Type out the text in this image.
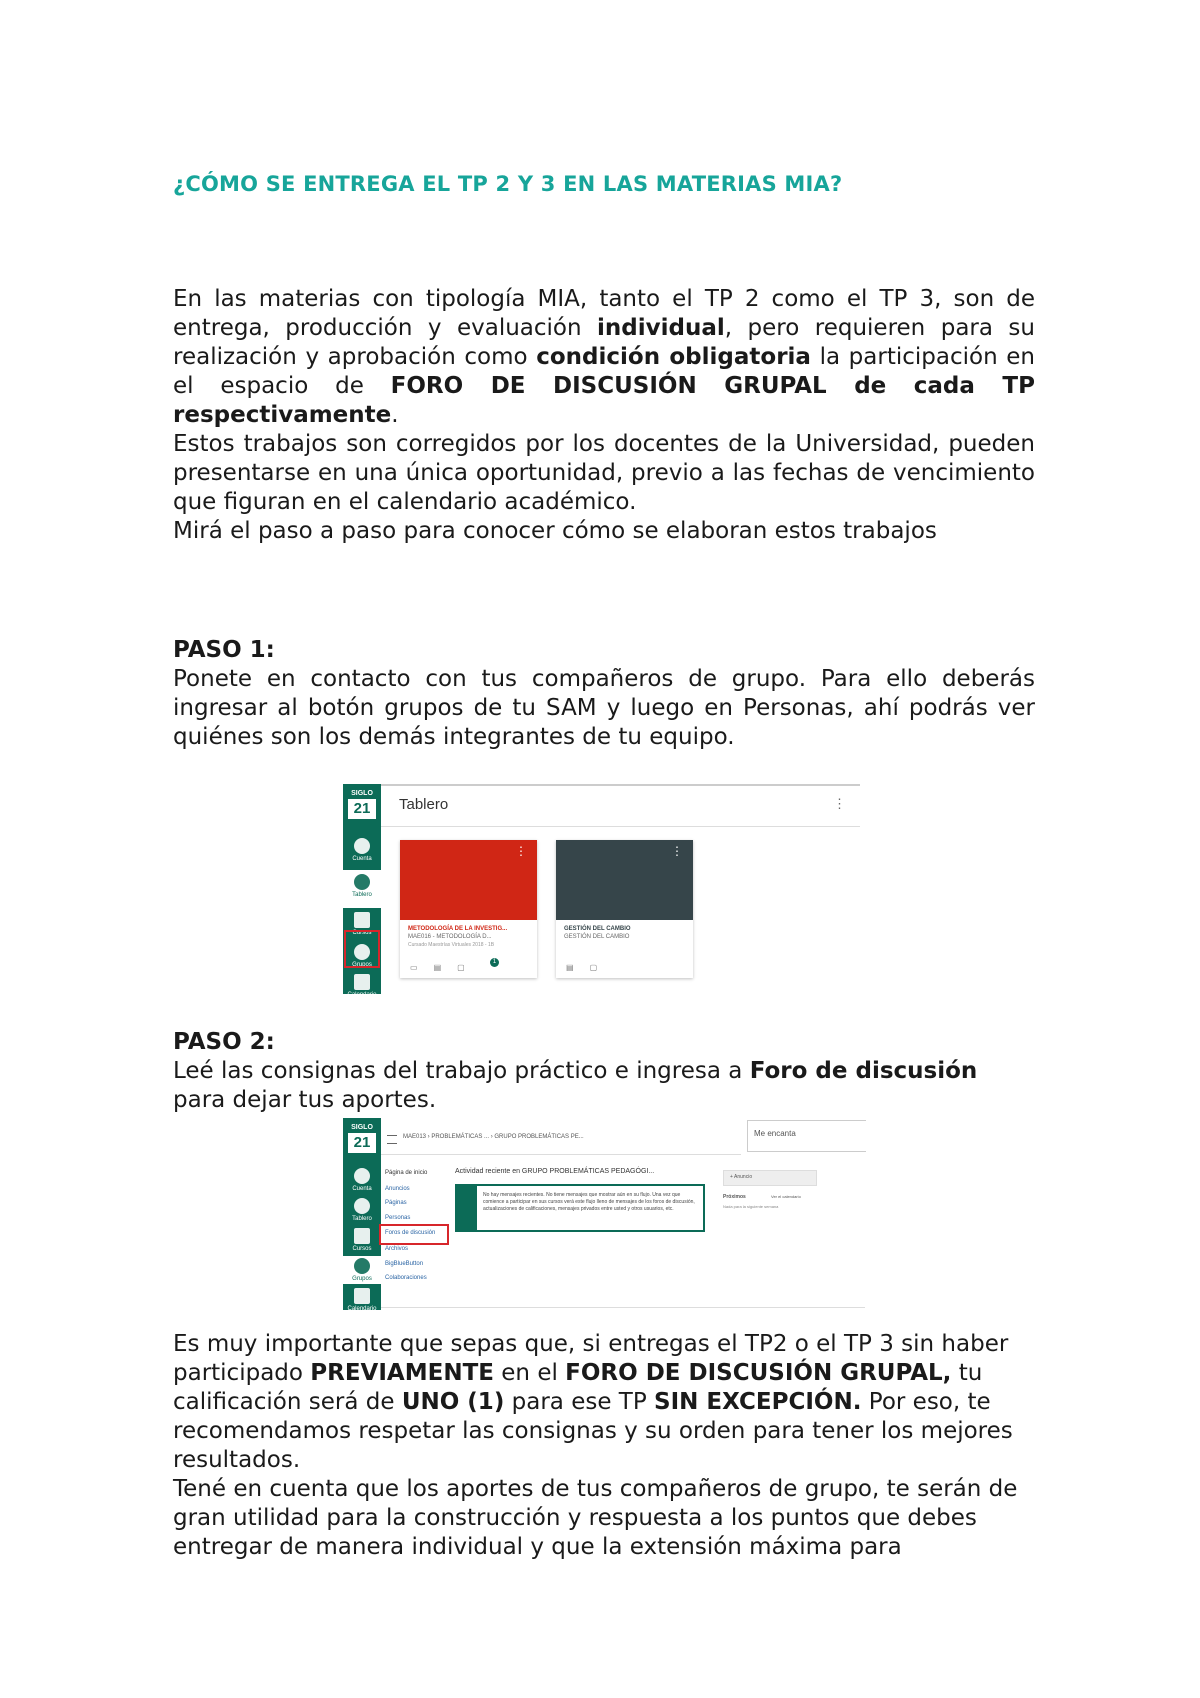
¿CÓMO SE ENTREGA EL TP 2 Y 3 EN LAS MATERIAS MIA?

En las materias con tipología MIA, tanto el TP 2 como el TP 3, son de entrega, producción y evaluación individual, pero requieren para su realización y aprobación como condición obligatoria la participación en el espacio de FORO DE DISCUSIÓN GRUPAL de cada TP respectivamente.

Estos trabajos son corregidos por los docentes de la Universidad, pueden presentarse en una única oportunidad, previo a las fechas de vencimiento que figuran en el calendario académico.

Mirá el paso a paso para conocer cómo se elaboran estos trabajos

PASO 1:

Ponete en contacto con tus compañeros de grupo. Para ello deberás ingresar al botón grupos de tu SAM y luego en Personas, ahí podrás ver quiénes son los demás integrantes de tu equipo.

PASO 2:

Leé las consignas del trabajo práctico e ingresa a Foro de discusión para dejar tus aportes.

Es muy importante que sepas que, si entregas el TP2 o el TP 3 sin haber participado PREVIAMENTE en el FORO DE DISCUSIÓN GRUPAL, tu calificación será de UNO (1) para ese TP SIN EXCEPCIÓN. Por eso, te recomendamos respetar las consignas y su orden para tener los mejores resultados.

Tené en cuenta que los aportes de tus compañeros de grupo, te serán de gran utilidad para la construcción y respuesta a los puntos que debes entregar de manera individual y que la extensión máxima para

SIGLO
21
Cuenta
Tablero
Cursos
Grupos
Calendario
Tablero	⋮
⋮
METODOLOGÍA DE LA INVESTIG...
MAE016 - METODOLOGÍA D...
Cursado Maestrías Virtuales 2018 - 1B
1
▭▤▢
⋮
GESTIÓN DEL CAMBIO
GESTIÓN DEL CAMBIO
▤▢
SIGLO
21
Cuenta
Tablero
Cursos
Grupos
Calendario
MAE013 › PROBLEMÁTICAS ... › GRUPO PROBLEMÁTICAS PE...	Me encanta
Página de inicio
Anuncios
Páginas
Personas
Foros de discusión
Archivos
BigBlueButton
Colaboraciones
Actividad reciente en GRUPO PROBLEMÁTICAS PEDAGÓGI...
No hay mensajes recientes. No tiene mensajes que mostrar aún en su flujo. Una vez que comience a participar en sus cursos verá este flujo lleno de mensajes de los foros de discusión, actualizaciones de calificaciones, mensajes privados entre usted y otros usuarios, etc.
+ Anuncio
Próximos	Ver el calendario
Nada para la siguiente semana
